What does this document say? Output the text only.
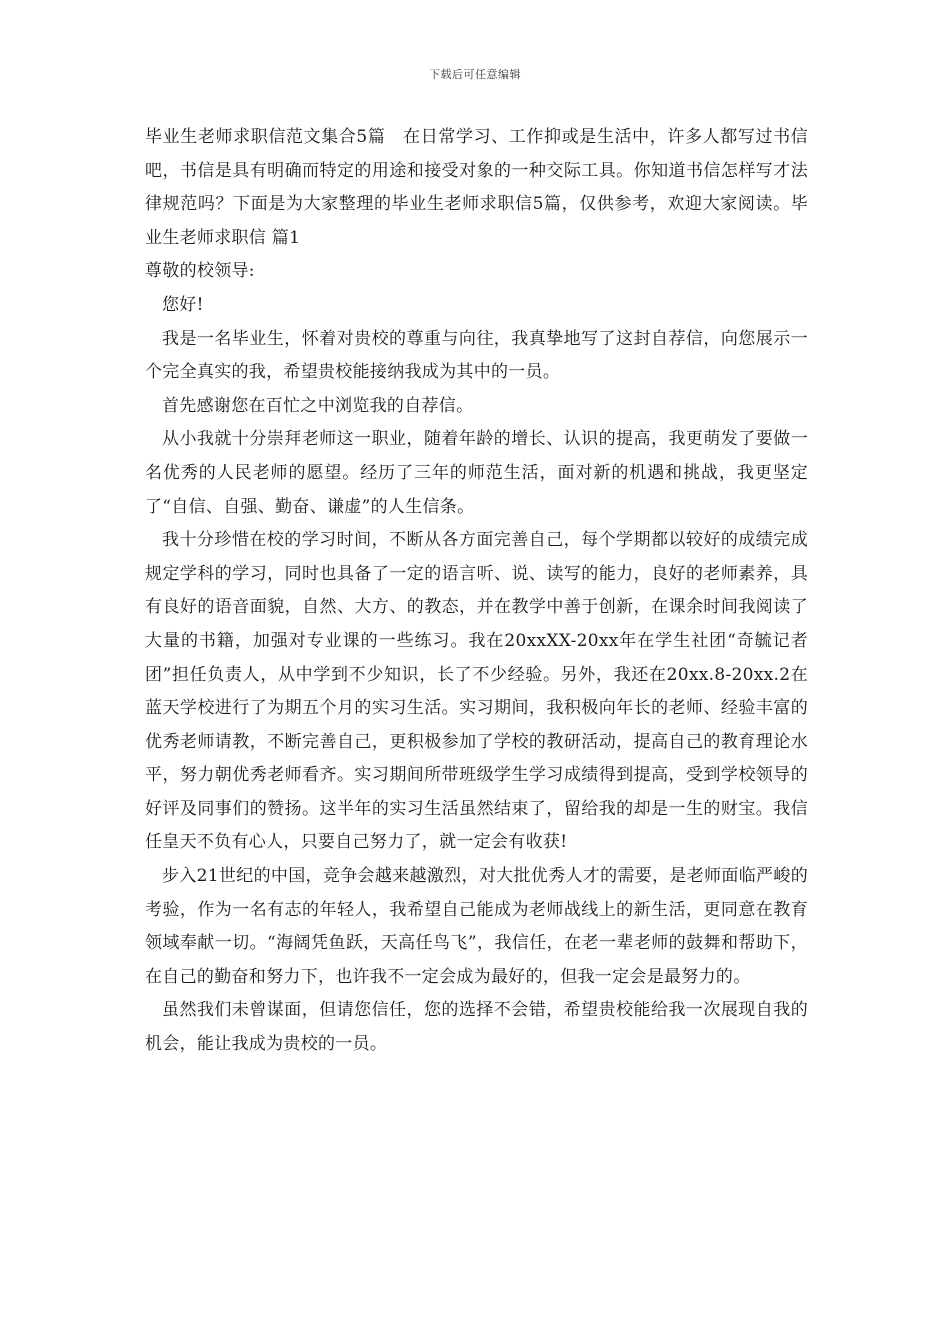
下载后可任意编辑

毕业生老师求职信范文集合5篇　在日常学习、工作抑或是生活中，许多人都写过书信吧，书信是具有明确而特定的用途和接受对象的一种交际工具。你知道书信怎样写才法律规范吗？下面是为大家整理的毕业生老师求职信5篇，仅供参考，欢迎大家阅读。毕业生老师求职信 篇1

尊敬的校领导:

您好!

我是一名毕业生，怀着对贵校的尊重与向往，我真挚地写了这封自荐信，向您展示一个完全真实的我，希望贵校能接纳我成为其中的一员。

首先感谢您在百忙之中浏览我的自荐信。

从小我就十分崇拜老师这一职业，随着年龄的增长、认识的提高，我更萌发了要做一名优秀的人民老师的愿望。经历了三年的师范生活，面对新的机遇和挑战，我更坚定了“自信、自强、勤奋、谦虚”的人生信条。

我十分珍惜在校的学习时间，不断从各方面完善自己，每个学期都以较好的成绩完成规定学科的学习，同时也具备了一定的语言听、说、读写的能力，良好的老师素养，具有良好的语音面貌，自然、大方、的教态，并在教学中善于创新，在课余时间我阅读了大量的书籍，加强对专业课的一些练习。我在20xxXX-20xx年在学生社团“奇毓记者团”担任负责人，从中学到不少知识，长了不少经验。另外，我还在20xx.8-20xx.2在蓝天学校进行了为期五个月的实习生活。实习期间，我积极向年长的老师、经验丰富的优秀老师请教，不断完善自己，更积极参加了学校的教研活动，提高自己的教育理论水平，努力朝优秀老师看齐。实习期间所带班级学生学习成绩得到提高，受到学校领导的好评及同事们的赞扬。这半年的实习生活虽然结束了，留给我的却是一生的财宝。我信任皇天不负有心人，只要自己努力了，就一定会有收获!

步入21世纪的中国，竞争会越来越激烈，对大批优秀人才的需要，是老师面临严峻的考验，作为一名有志的年轻人，我希望自己能成为老师战线上的新生活，更同意在教育领域奉献一切。“海阔凭鱼跃，天高任鸟飞”，我信任，在老一辈老师的鼓舞和帮助下，在自己的勤奋和努力下，也许我不一定会成为最好的，但我一定会是最努力的。

虽然我们未曾谋面，但请您信任，您的选择不会错，希望贵校能给我一次展现自我的机会，能让我成为贵校的一员。
